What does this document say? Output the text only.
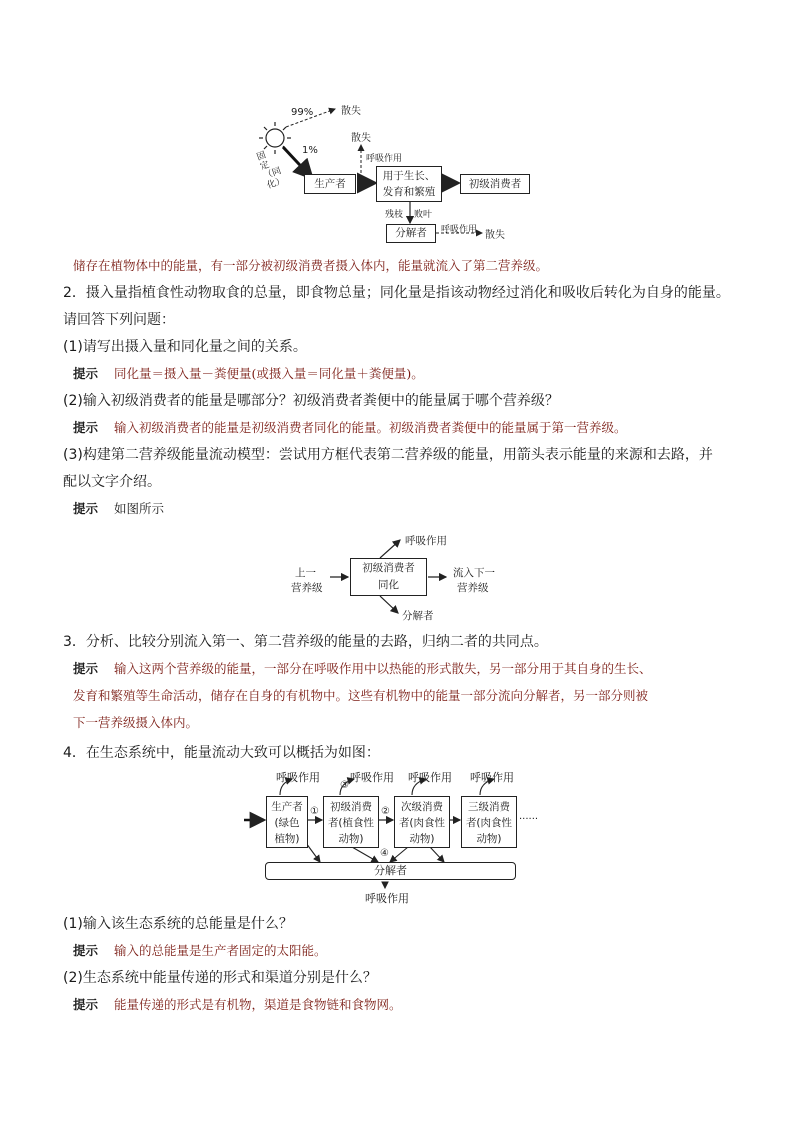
99%	散失
1%
固定（同化）
散失
呼吸作用
生产者
用于生长、
发育和繁殖
初级消费者
残枝 败叶
分解者	呼吸作用 散失
储存在植物体中的能量，有一部分被初级消费者摄入体内，能量就流入了第二营养级。
2．摄入量指植食性动物取食的总量，即食物总量；同化量是指该动物经过消化和吸收后转化为自身的能量。
请回答下列问题：
(1)请写出摄入量和同化量之间的关系。
提示 同化量＝摄入量－粪便量(或摄入量＝同化量＋粪便量)。
(2)输入初级消费者的能量是哪部分？初级消费者粪便中的能量属于哪个营养级？
提示 输入初级消费者的能量是初级消费者同化的能量。初级消费者粪便中的能量属于第一营养级。
(3)构建第二营养级能量流动模型：尝试用方框代表第二营养级的能量，用箭头表示能量的来源和去路，并
配以文字介绍。
提示 如图所示
呼吸作用
上一
营养级
初级消费者
同化
流入下一
营养级
分解者
3．分析、比较分别流入第一、第二营养级的能量的去路，归纳二者的共同点。
提示 输入这两个营养级的能量，一部分在呼吸作用中以热能的形式散失，另一部分用于其自身的生长、
发育和繁殖等生命活动，储存在自身的有机物中。这些有机物中的能量一部分流向分解者，另一部分则被
下一营养级摄入体内。
4．在生态系统中，能量流动大致可以概括为如图：
呼吸作用	呼吸作用 呼吸作用 呼吸作用
③
生产者
(绿色
植物)
①	初级消费
者(植食性
动物)
②	次级消费
者(肉食性
动物)
三级消费
者(肉食性
动物)
······
④
分解者
呼吸作用
(1)输入该生态系统的总能量是什么？
提示 输入的总能量是生产者固定的太阳能。
(2)生态系统中能量传递的形式和渠道分别是什么？
提示 能量传递的形式是有机物，渠道是食物链和食物网。
